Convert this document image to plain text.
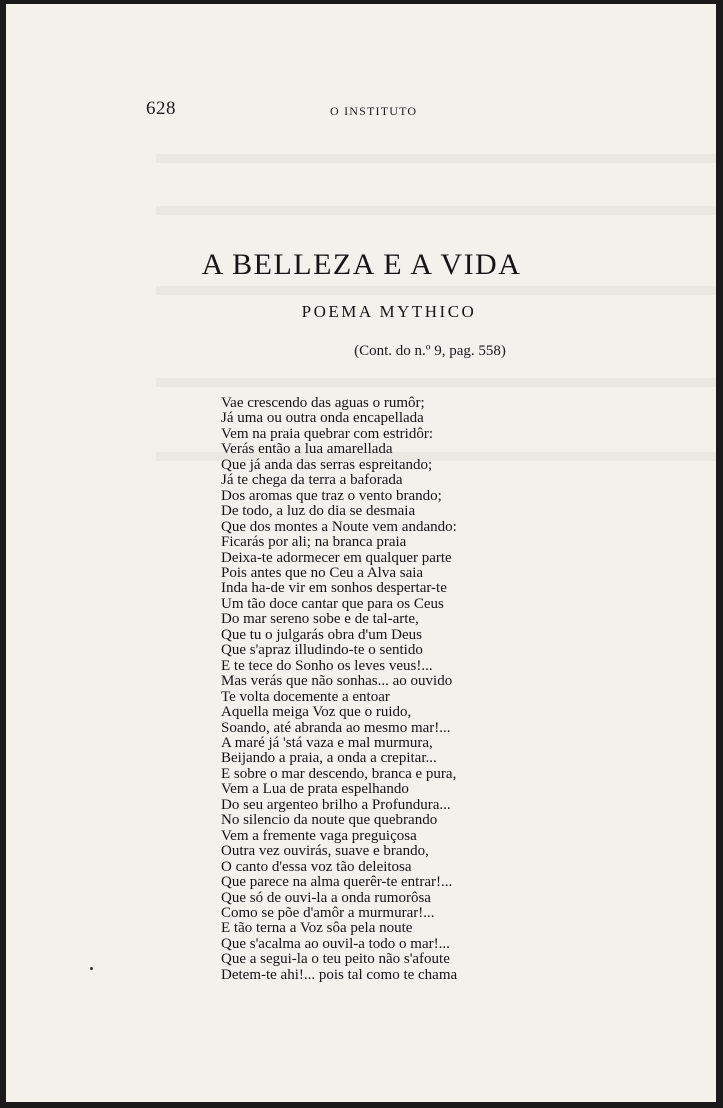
628	O INSTITUTO
A BELLEZA E A VIDA
POEMA MYTHICO
(Cont. do n.º 9, pag. 558)
Vae crescendo das aguas o rumôr;
Já uma ou outra onda encapellada
Vem na praia quebrar com estridôr:
Verás então a lua amarellada
Que já anda das serras espreitando;
Já te chega da terra a baforada
Dos aromas que traz o vento brando;
De todo, a luz do dia se desmaia
Que dos montes a Noute vem andando:
Ficarás por ali; na branca praia
Deixa-te adormecer em qualquer parte
Pois antes que no Ceu a Alva saia
Inda ha-de vir em sonhos despertar-te
Um tão doce cantar que para os Ceus
Do mar sereno sobe e de tal-arte,
Que tu o julgarás obra d'um Deus
Que s'apraz illudindo-te o sentido
E te tece do Sonho os leves veus!...
Mas verás que não sonhas... ao ouvido
Te volta docemente a entoar
Aquella meiga Voz que o ruido,
Soando, até abranda ao mesmo mar!...
A maré já 'stá vaza e mal murmura,
Beijando a praia, a onda a crepitar...
E sobre o mar descendo, branca e pura,
Vem a Lua de prata espelhando
Do seu argenteo brilho a Profundura...
No silencio da noute que quebrando
Vem a fremente vaga preguiçosa
Outra vez ouvirás, suave e brando,
O canto d'essa voz tão deleitosa
Que parece na alma querêr-te entrar!...
Que só de ouvi-la a onda rumorôsa
Como se põe d'amôr a murmurar!...
E tão terna a Voz sôa pela noute
Que s'acalma ao ouvil-a todo o mar!...
Que a segui-la o teu peito não s'afoute
Detem-te ahi!... pois tal como te chama
